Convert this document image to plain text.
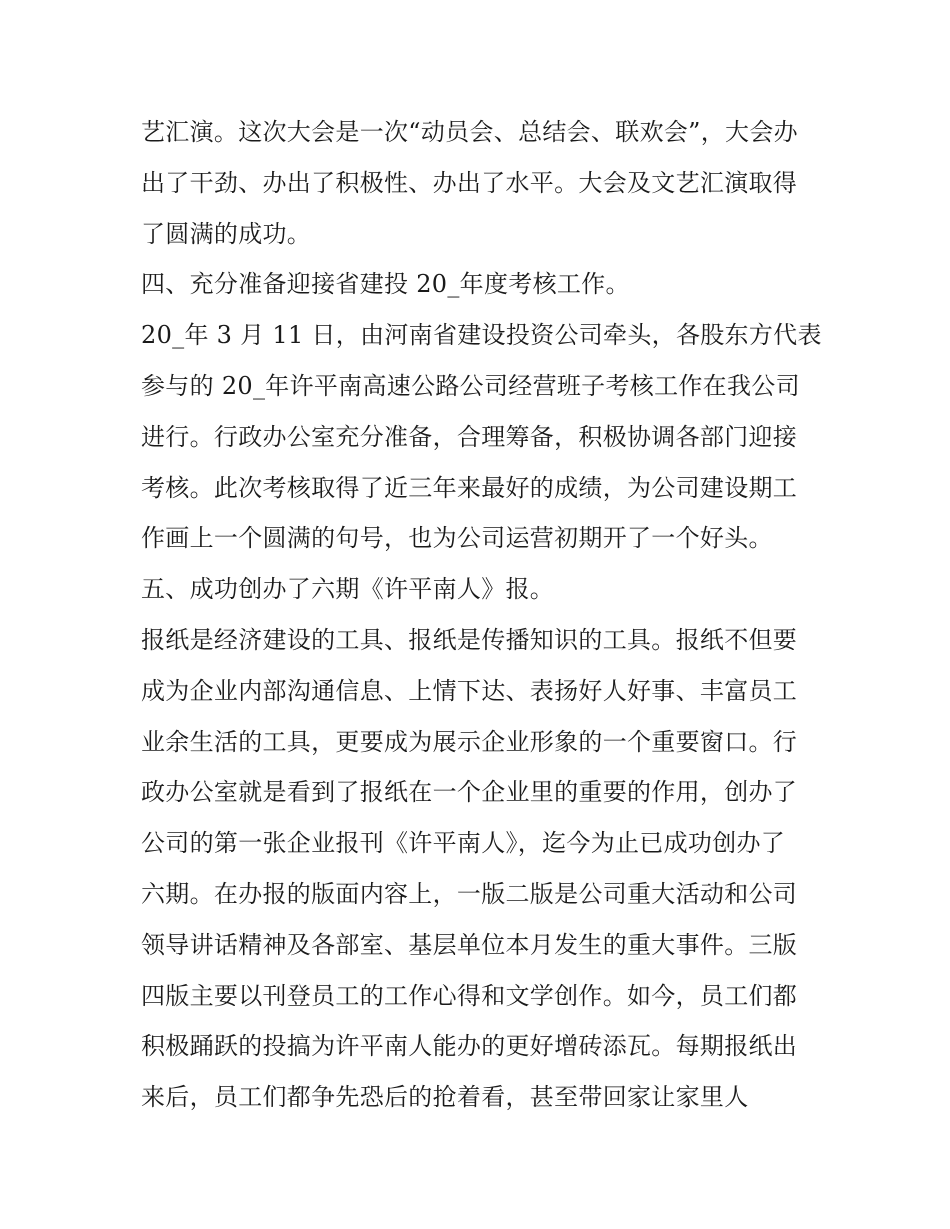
艺汇演。这次大会是一次“动员会、总结会、联欢会”，大会办
出了干劲、办出了积极性、办出了水平。大会及文艺汇演取得
了圆满的成功。
四、充分准备迎接省建投 20_年度考核工作。
20_年 3 月 11 日，由河南省建设投资公司牵头，各股东方代表
参与的 20_年许平南高速公路公司经营班子考核工作在我公司
进行。行政办公室充分准备，合理筹备，积极协调各部门迎接
考核。此次考核取得了近三年来最好的成绩，为公司建设期工
作画上一个圆满的句号，也为公司运营初期开了一个好头。
五、成功创办了六期《许平南人》报。
报纸是经济建设的工具、报纸是传播知识的工具。报纸不但要
成为企业内部沟通信息、上情下达、表扬好人好事、丰富员工
业余生活的工具，更要成为展示企业形象的一个重要窗口。行
政办公室就是看到了报纸在一个企业里的重要的作用，创办了
公司的第一张企业报刊《许平南人》，迄今为止已成功创办了
六期。在办报的版面内容上，一版二版是公司重大活动和公司
领导讲话精神及各部室、基层单位本月发生的重大事件。三版
四版主要以刊登员工的工作心得和文学创作。如今，员工们都
积极踊跃的投搞为许平南人能办的更好增砖添瓦。每期报纸出
来后，员工们都争先恐后的抢着看，甚至带回家让家里人
